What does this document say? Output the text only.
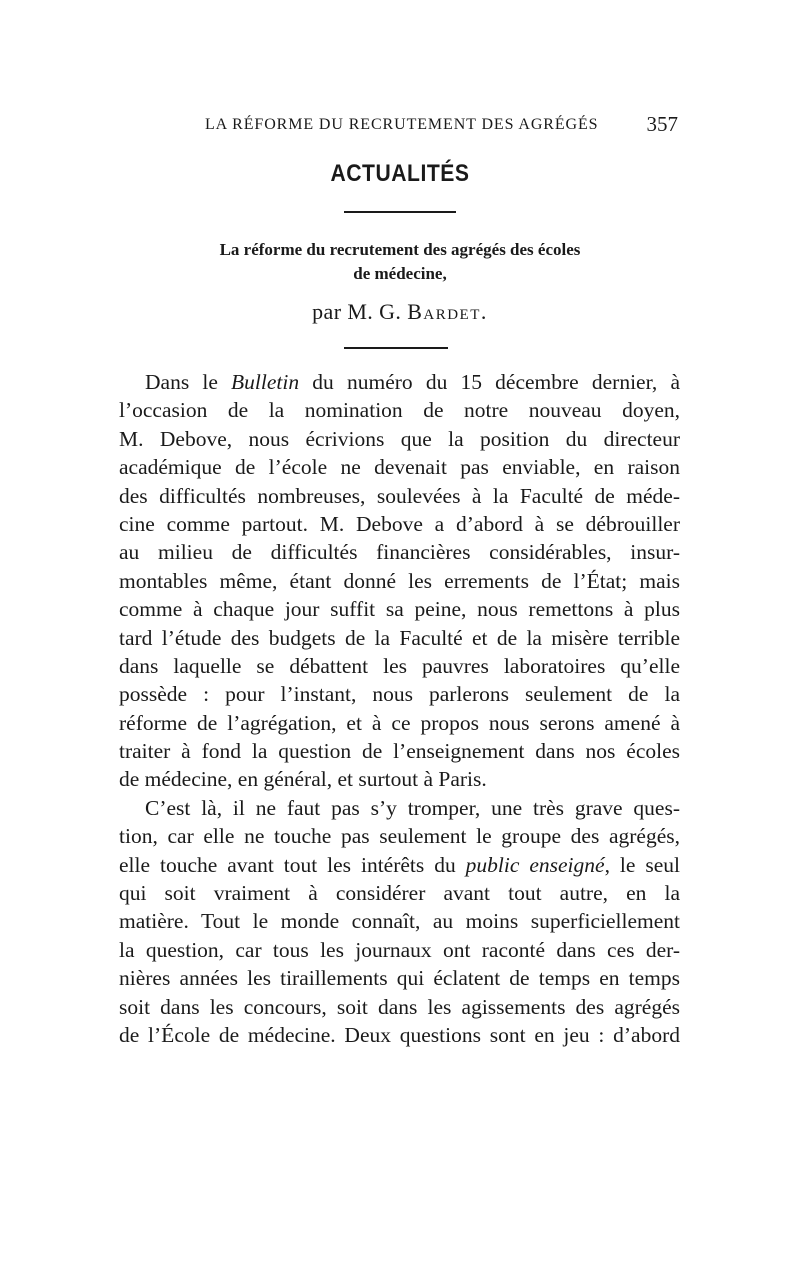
LA RÉFORME DU RECRUTEMENT DES AGRÉGÉS 357
ACTUALITÉS
La réforme du recrutement des agrégés des écoles
de médecine,
par M. G. Bardet.
Dans le Bulletin du numéro du 15 décembre dernier, à
l’occasion de la nomination de notre nouveau doyen,
M. Debove, nous écrivions que la position du directeur
académique de l’école ne devenait pas enviable, en raison
des difficultés nombreuses, soulevées à la Faculté de méde-
cine comme partout. M. Debove a d’abord à se débrouiller
au milieu de difficultés financières considérables, insur-
montables même, étant donné les errements de l’État; mais
comme à chaque jour suffit sa peine, nous remettons à plus
tard l’étude des budgets de la Faculté et de la misère terrible
dans laquelle se débattent les pauvres laboratoires qu’elle
possède : pour l’instant, nous parlerons seulement de la
réforme de l’agrégation, et à ce propos nous serons amené à
traiter à fond la question de l’enseignement dans nos écoles
de médecine, en général, et surtout à Paris.
C’est là, il ne faut pas s’y tromper, une très grave ques-
tion, car elle ne touche pas seulement le groupe des agrégés,
elle touche avant tout les intérêts du public enseigné, le seul
qui soit vraiment à considérer avant tout autre, en la
matière. Tout le monde connaît, au moins superficiellement
la question, car tous les journaux ont raconté dans ces der-
nières années les tiraillements qui éclatent de temps en temps
soit dans les concours, soit dans les agissements des agrégés
de l’École de médecine. Deux questions sont en jeu : d’abord
